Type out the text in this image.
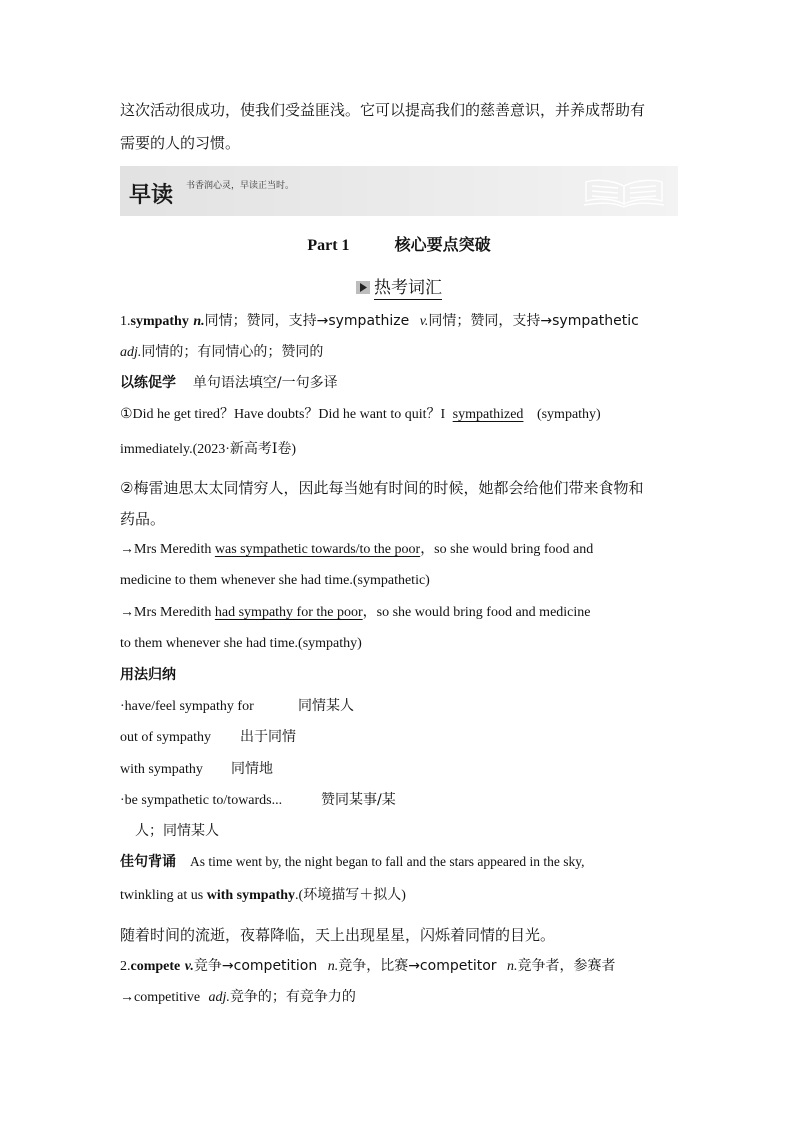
这次活动很成功，使我们受益匪浅。它可以提高我们的慈善意识，并养成帮助有
需要的人的习惯。
早读 书香润心灵，早读正当时。
Part 1	核心要点突破
热考词汇
1.sympathy n.同情；赞同，支持→sympathize v.同情；赞同，支持→sympathetic
adj.同情的；有同情心的；赞同的
以练促学 单句语法填空/一句多译
①Did he get tired？Have doubts？Did he want to quit？I sympathized (sympathy)
immediately.(2023·新高考Ⅰ卷)
②梅雷迪思太太同情穷人，因此每当她有时间的时候，她都会给他们带来食物和
药品。
→Mrs Meredith was sympathetic towards/to the poor，so she would bring food and
medicine to them whenever she had time.(sympathetic)
→Mrs Meredith had sympathy for the poor，so she would bring food and medicine
to them whenever she had time.(sympathy)
用法归纳
·have/feel sympathy for	同情某人
out of sympathy 出于同情
with sympathy 同情地
·be sympathetic to/towards...	赞同某事/某
人；同情某人
佳句背诵 As time went by, the night began to fall and the stars appeared in the sky,
twinkling at us with sympathy.(环境描写＋拟人)
随着时间的流逝，夜幕降临，天上出现星星，闪烁着同情的目光。
2.compete v.竞争→competition n.竞争，比赛→competitor n.竞争者，参赛者
→competitive adj.竞争的；有竞争力的
